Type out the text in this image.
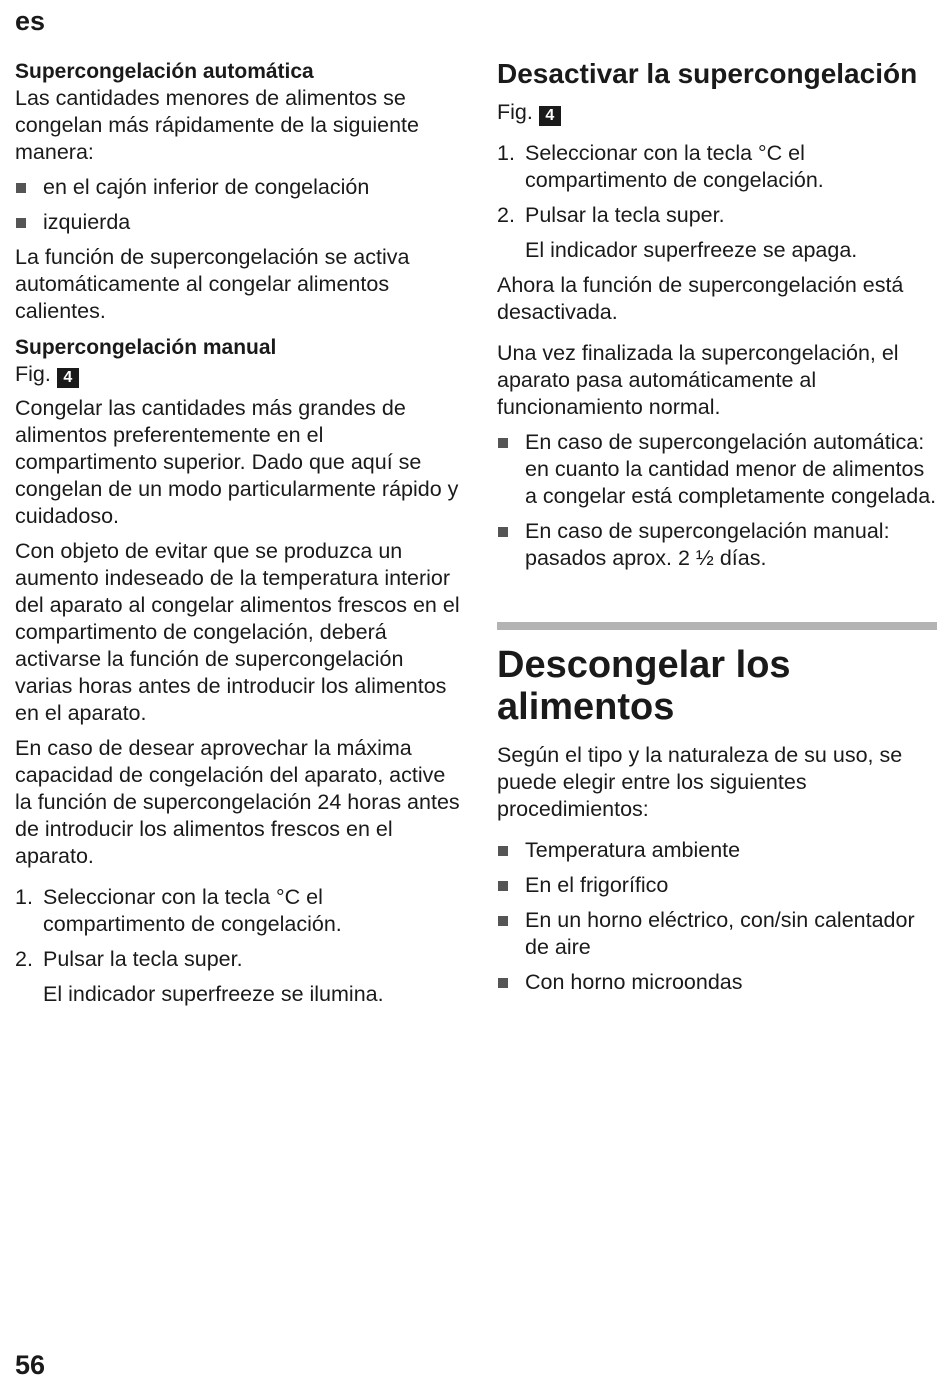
es
Supercongelación automática

Las cantidades menores de alimentos se congelan más rápidamente de la siguiente manera:

en el cajón inferior de congelación
izquierda

La función de supercongelación se activa automáticamente al congelar alimentos calientes.

Supercongelación manual

Fig. 4

Congelar las cantidades más grandes de alimentos preferentemente en el compartimento superior. Dado que aquí se congelan de un modo particularmente rápido y cuidadoso.

Con objeto de evitar que se produzca un aumento indeseado de la temperatura interior del aparato al congelar alimentos frescos en el compartimento de congelación, deberá activarse la función de supercongelación varias horas antes de introducir los alimentos en el aparato.

En caso de desear aprovechar la máxima capacidad de congelación del aparato, active la función de supercongelación 24 horas antes de introducir los alimentos frescos en el aparato.

1. Seleccionar con la tecla °C el compartimento de congelación.
2. Pulsar la tecla super.

El indicador superfreeze se ilumina.

Desactivar la supercongelación

Fig. 4

1. Seleccionar con la tecla °C el compartimento de congelación.
2. Pulsar la tecla super.

El indicador superfreeze se apaga.

Ahora la función de supercongelación está desactivada.

Una vez finalizada la supercongelación, el aparato pasa automáticamente al funcionamiento normal.

En caso de supercongelación automática: en cuanto la cantidad menor de alimentos a congelar está completamente congelada.
En caso de supercongelación manual: pasados aprox. 2 ½ días.
Descongelar los alimentos

Según el tipo y la naturaleza de su uso, se puede elegir entre los siguientes procedimientos:

Temperatura ambiente
En el frigorífico
En un horno eléctrico, con/sin calentador de aire
Con horno microondas
56
